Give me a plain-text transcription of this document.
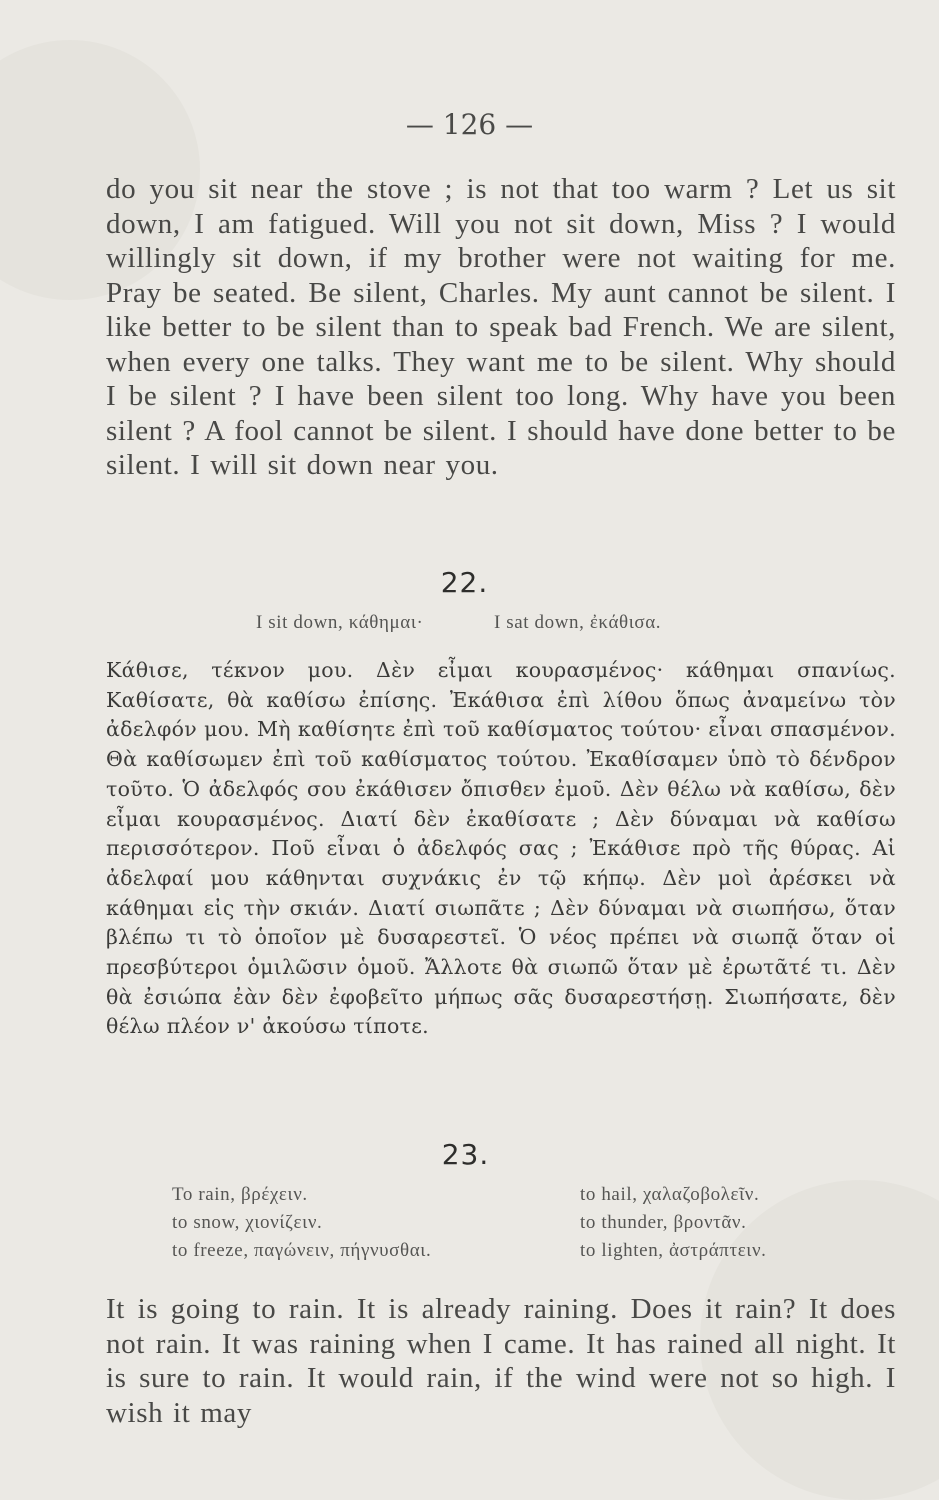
— 126 —
do you sit near the stove ; is not that too warm ? Let us sit down, I am fatigued. Will you not sit down, Miss ? I would willingly sit down, if my brother were not waiting for me. Pray be seated. Be silent, Charles. My aunt cannot be silent. I like better to be silent than to speak bad French. We are silent, when every one talks. They want me to be silent. Why should I be silent ? I have been silent too long. Why have you been silent ? A fool cannot be silent. I should have done better to be silent. I will sit down near you.
22.
I sit down, κάθημαι·	I sat down, ἐκάθισα.
Κάθισε, τέκνον μου. Δὲν εἶμαι κουρασμένος· κάθημαι σπανίως. Καθίσατε, θὰ καθίσω ἐπίσης. Ἐκάθισα ἐπὶ λίθου ὅπως ἀναμείνω τὸν ἀδελφόν μου. Μὴ καθίσητε ἐπὶ τοῦ καθίσματος τούτου· εἶναι σπασμένον. Θὰ καθίσωμεν ἐπὶ τοῦ καθίσματος τούτου. Ἐκαθίσαμεν ὑπὸ τὸ δένδρον τοῦτο. Ὁ ἀδελφός σου ἐκάθισεν ὄπισθεν ἐμοῦ. Δὲν θέλω νὰ καθίσω, δὲν εἶμαι κουρασμένος. Διατί δὲν ἐκαθίσατε ; Δὲν δύναμαι νὰ καθίσω περισσότερον. Ποῦ εἶναι ὁ ἀδελφός σας ; Ἐκάθισε πρὸ τῆς θύρας. Αἱ ἀδελφαί μου κάθηνται συχνάκις ἐν τῷ κήπῳ. Δὲν μοὶ ἀρέσκει νὰ κάθημαι εἰς τὴν σκιάν. Διατί σιωπᾶτε ; Δὲν δύναμαι νὰ σιωπήσω, ὅταν βλέπω τι τὸ ὁποῖον μὲ δυσαρεστεῖ. Ὁ νέος πρέπει νὰ σιωπᾷ ὅταν οἱ πρεσβύτεροι ὁμιλῶσιν ὁμοῦ. Ἄλλοτε θὰ σιωπῶ ὅταν μὲ ἐρωτᾶτέ τι. Δὲν θὰ ἐσιώπα ἐὰν δὲν ἐφοβεῖτο μήπως σᾶς δυσαρεστήσῃ. Σιωπήσατε, δὲν θέλω πλέον ν' ἀκούσω τίποτε.
23.
To rain, βρέχειν.
to snow, χιονίζειν.
to freeze, παγώνειν, πήγνυσθαι.
to hail, χαλαζοβολεῖν.
to thunder, βροντᾶν.
to lighten, ἀστράπτειν.
It is going to rain. It is already raining. Does it rain? It does not rain. It was raining when I came. It has rained all night. It is sure to rain. It would rain, if the wind were not so high. I wish it may
